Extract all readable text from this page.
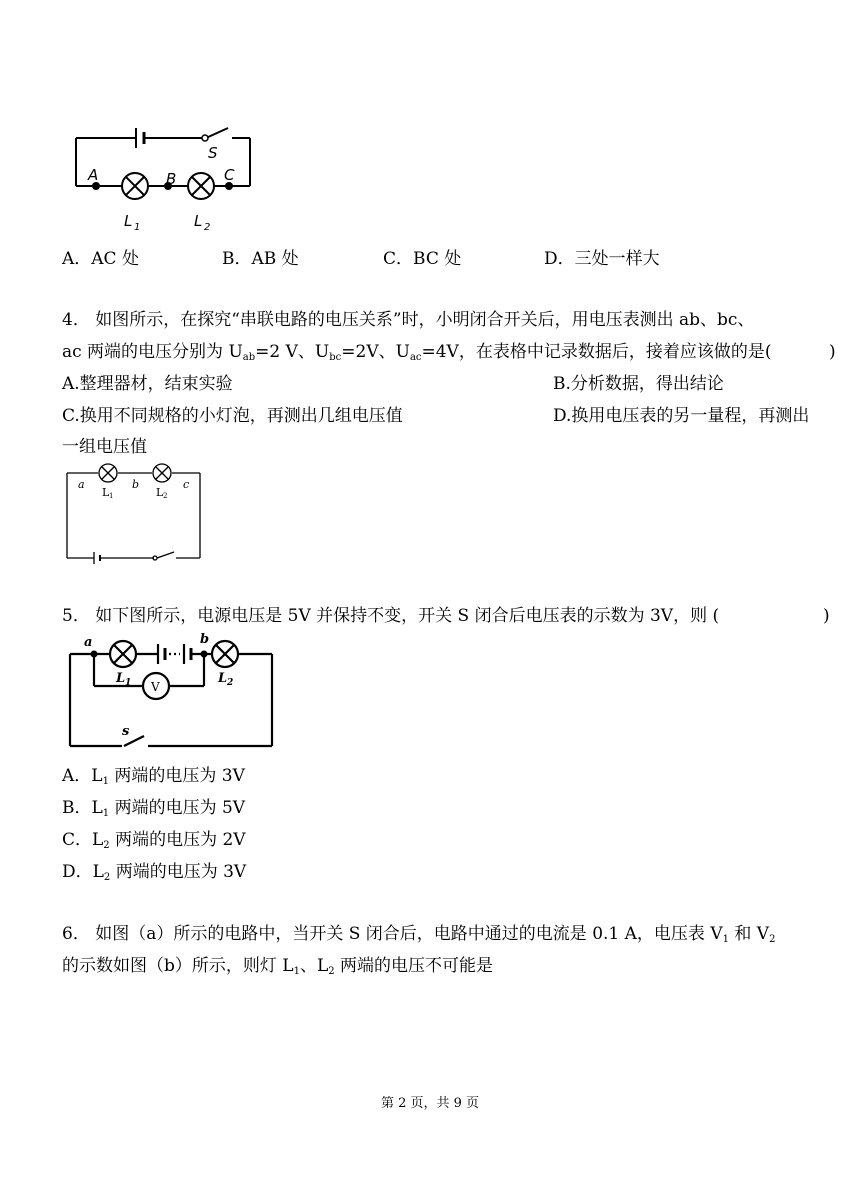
A	B	C
S
L 1	L 2
A．AC 处	B．AB 处	C．BC 处	D．三处一样大
4． 如图所示，在探究“串联电路的电压关系”时，小明闭合开关后，用电压表测出 ab、bc、
ac 两端的电压分别为 $U_{ab}=2$ V、$U_{bc}=2V$、$U_{ac}=4V$，在表格中记录数据后，接着应该做的是(	)
A.整理器材，结束实验	B.分析数据，得出结论
C.换用不同规格的小灯泡，再测出几组电压值	D.换用电压表的另一量程，再测出
一组电压值
a	b	c
L 1	L 2
5． 如下图所示，电源电压是 5V 并保持不变，开关 S 闭合后电压表的示数为 3V，则 (	)
a	b
V
L 1	L 2
s
A．$L_1$ 两端的电压为 3V
B．$L_1$ 两端的电压为 5V
C．$L_2$ 两端的电压为 2V
D．$L_2$ 两端的电压为 3V
6． 如图（a）所示的电路中，当开关 S 闭合后，电路中通过的电流是 0.1 A，电压表 $V_1$ 和 $V_2$
的示数如图（b）所示，则灯 $L_1$、$L_2$ 两端的电压不可能是
第 2 页，共 9 页
